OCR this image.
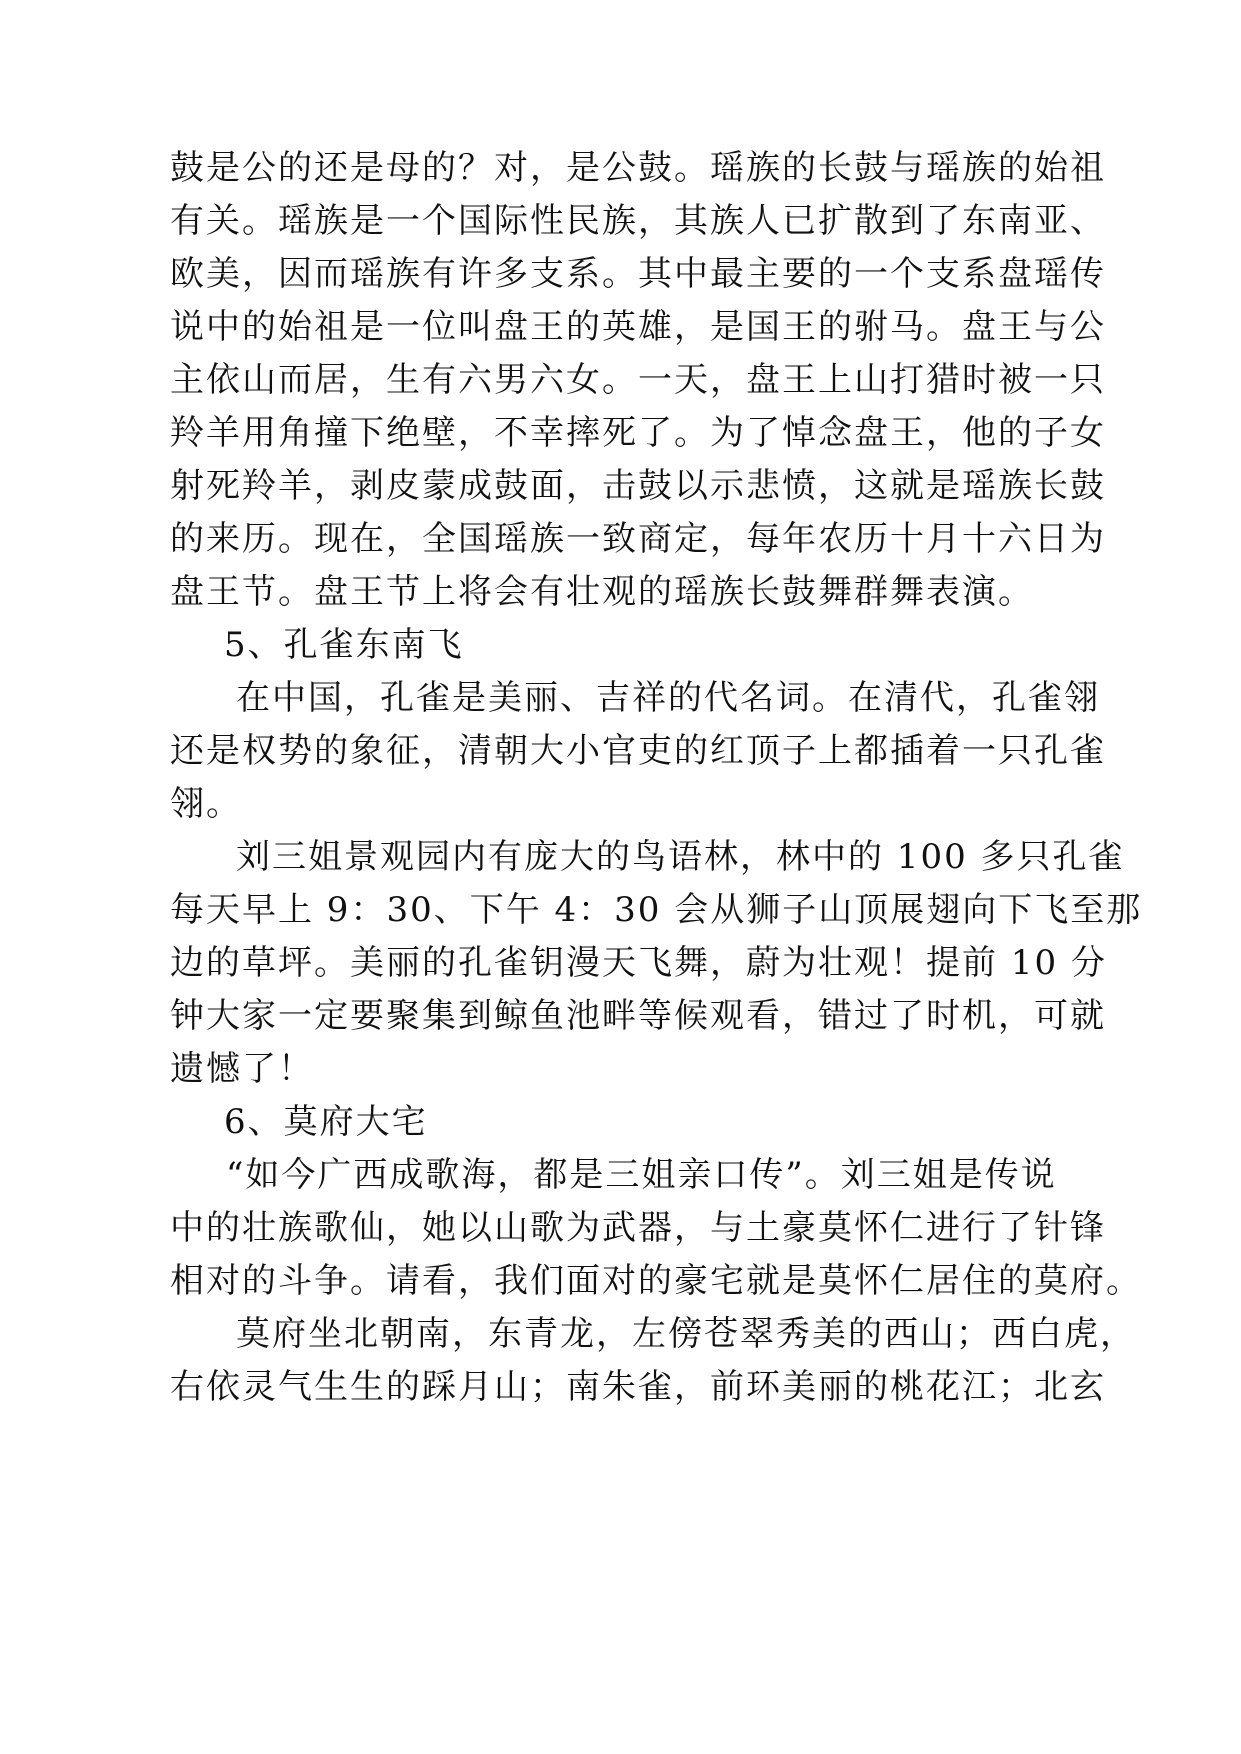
鼓是公的还是母的？对，是公鼓。瑶族的长鼓与瑶族的始祖
有关。瑶族是一个国际性民族，其族人已扩散到了东南亚、
欧美，因而瑶族有许多支系。其中最主要的一个支系盘瑶传
说中的始祖是一位叫盘王的英雄，是国王的驸马。盘王与公
主依山而居，生有六男六女。一天，盘王上山打猎时被一只
羚羊用角撞下绝壁，不幸摔死了。为了悼念盘王，他的子女
射死羚羊，剥皮蒙成鼓面，击鼓以示悲愤，这就是瑶族长鼓
的来历。现在，全国瑶族一致商定，每年农历十月十六日为
盘王节。盘王节上将会有壮观的瑶族长鼓舞群舞表演。
5、孔雀东南飞
在中国，孔雀是美丽、吉祥的代名词。在清代，孔雀翎
还是权势的象征，清朝大小官吏的红顶子上都插着一只孔雀
翎。
刘三姐景观园内有庞大的鸟语林，林中的 100 多只孔雀
每天早上 9：30、下午 4：30 会从狮子山顶展翅向下飞至那
边的草坪。美丽的孔雀钥漫天飞舞，蔚为壮观！提前 10 分
钟大家一定要聚集到鲸鱼池畔等候观看，错过了时机，可就
遗憾了！
6、莫府大宅
“如今广西成歌海，都是三姐亲口传”。刘三姐是传说
中的壮族歌仙，她以山歌为武器，与土豪莫怀仁进行了针锋
相对的斗争。请看，我们面对的豪宅就是莫怀仁居住的莫府。
莫府坐北朝南，东青龙，左傍苍翠秀美的西山；西白虎，
右依灵气生生的踩月山；南朱雀，前环美丽的桃花江；北玄
